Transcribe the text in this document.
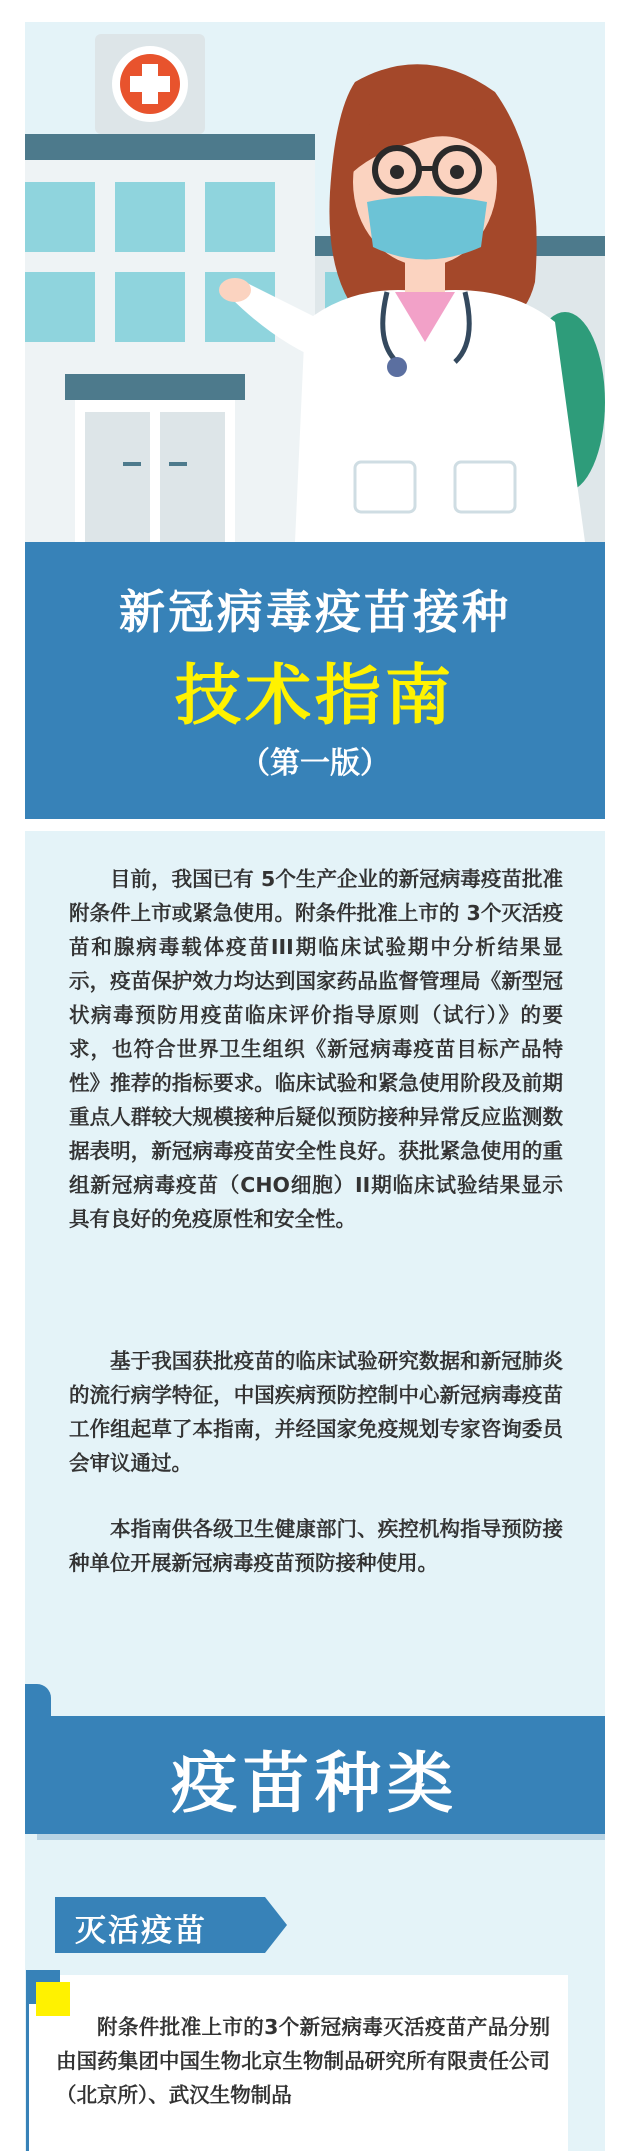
新冠病毒疫苗接种
技术指南
（第一版）

目前，我国已有 5个生产企业的新冠病毒疫苗批准附条件上市或紧急使用。附条件批准上市的 3个灭活疫苗和腺病毒载体疫苗III期临床试验期中分析结果显示，疫苗保护效力均达到国家药品监督管理局《新型冠状病毒预防用疫苗临床评价指导原则（试行）》的要求，也符合世界卫生组织《新冠病毒疫苗目标产品特性》推荐的指标要求。临床试验和紧急使用阶段及前期重点人群较大规模接种后疑似预防接种异常反应监测数据表明，新冠病毒疫苗安全性良好。获批紧急使用的重组新冠病毒疫苗（CHO细胞）II期临床试验结果显示具有良好的免疫原性和安全性。

基于我国获批疫苗的临床试验研究数据和新冠肺炎的流行病学特征，中国疾病预防控制中心新冠病毒疫苗工作组起草了本指南，并经国家免疫规划专家咨询委员会审议通过。

本指南供各级卫生健康部门、疾控机构指导预防接种单位开展新冠病毒疫苗预防接种使用。

疫苗种类
灭活疫苗

附条件批准上市的3个新冠病毒灭活疫苗产品分别由国药集团中国生物北京生物制品研究所有限责任公司（北京所）、武汉生物制品
